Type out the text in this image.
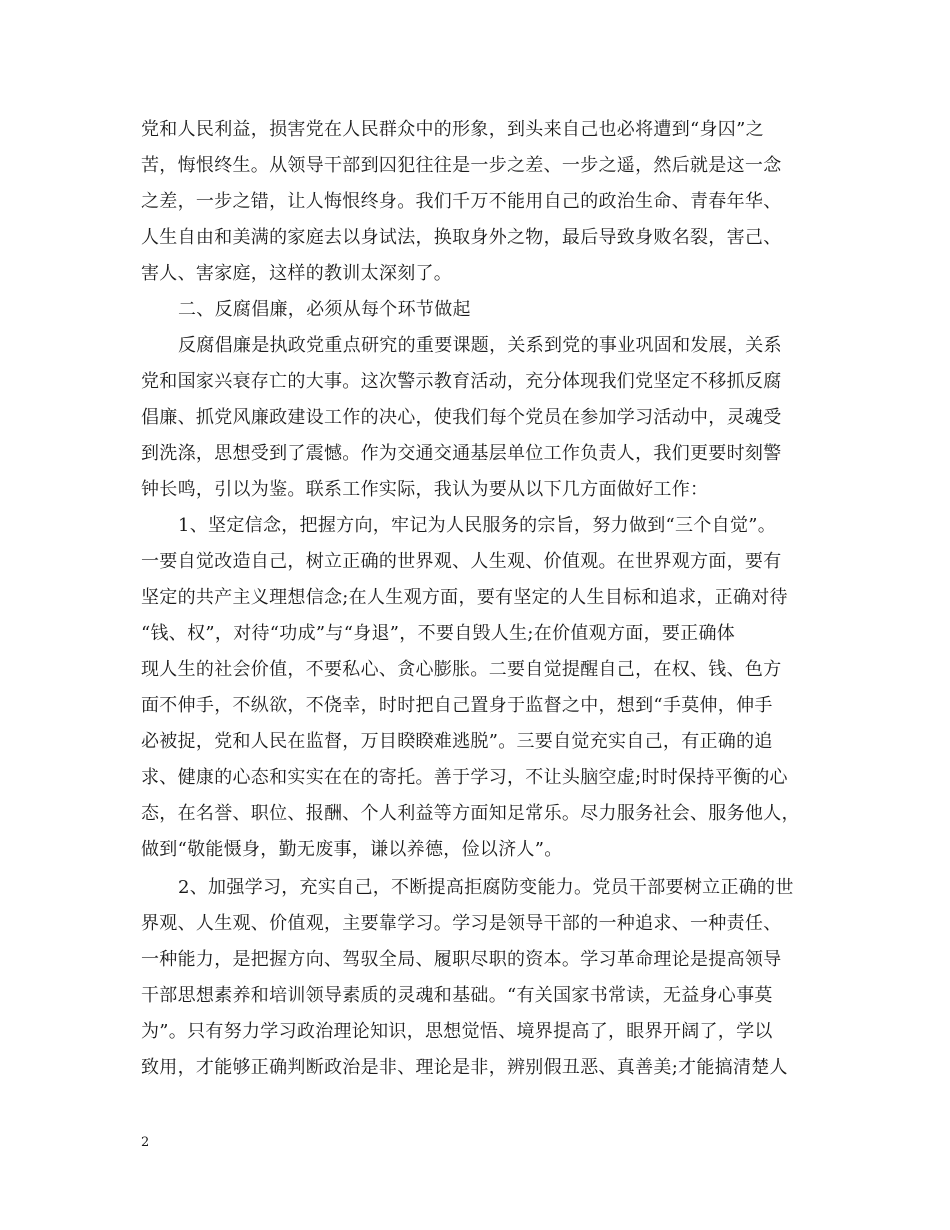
党和人民利益，损害党在人民群众中的形象，到头来自己也必将遭到“身囚”之
苦，悔恨终生。从领导干部到囚犯往往是一步之差、一步之遥，然后就是这一念
之差，一步之错，让人悔恨终身。我们千万不能用自己的政治生命、青春年华、
人生自由和美满的家庭去以身试法，换取身外之物，最后导致身败名裂，害己、
害人、害家庭，这样的教训太深刻了。
二、反腐倡廉，必须从每个环节做起
反腐倡廉是执政党重点研究的重要课题，关系到党的事业巩固和发展，关系
党和国家兴衰存亡的大事。这次警示教育活动，充分体现我们党坚定不移抓反腐
倡廉、抓党风廉政建设工作的决心，使我们每个党员在参加学习活动中，灵魂受
到洗涤，思想受到了震憾。作为交通交通基层单位工作负责人，我们更要时刻警
钟长鸣，引以为鉴。联系工作实际，我认为要从以下几方面做好工作：
1、坚定信念，把握方向，牢记为人民服务的宗旨，努力做到“三个自觉”。
一要自觉改造自己，树立正确的世界观、人生观、价值观。在世界观方面，要有
坚定的共产主义理想信念;在人生观方面，要有坚定的人生目标和追求，正确对待
“钱、权”，对待“功成”与“身退”，不要自毁人生;在价值观方面，要正确体
现人生的社会价值，不要私心、贪心膨胀。二要自觉提醒自己，在权、钱、色方
面不伸手，不纵欲，不侥幸，时时把自己置身于监督之中，想到“手莫伸，伸手
必被捉，党和人民在监督，万目睽睽难逃脱”。三要自觉充实自己，有正确的追
求、健康的心态和实实在在的寄托。善于学习，不让头脑空虚;时时保持平衡的心
态，在名誉、职位、报酬、个人利益等方面知足常乐。尽力服务社会、服务他人，
做到“敬能慑身，勤无废事，谦以养德，俭以济人”。
2、加强学习，充实自己，不断提高拒腐防变能力。党员干部要树立正确的世
界观、人生观、价值观，主要靠学习。学习是领导干部的一种追求、一种责任、
一种能力，是把握方向、驾驭全局、履职尽职的资本。学习革命理论是提高领导
干部思想素养和培训领导素质的灵魂和基础。“有关国家书常读，无益身心事莫
为”。只有努力学习政治理论知识，思想觉悟、境界提高了，眼界开阔了，学以
致用，才能够正确判断政治是非、理论是非，辨别假丑恶、真善美;才能搞清楚人
2
